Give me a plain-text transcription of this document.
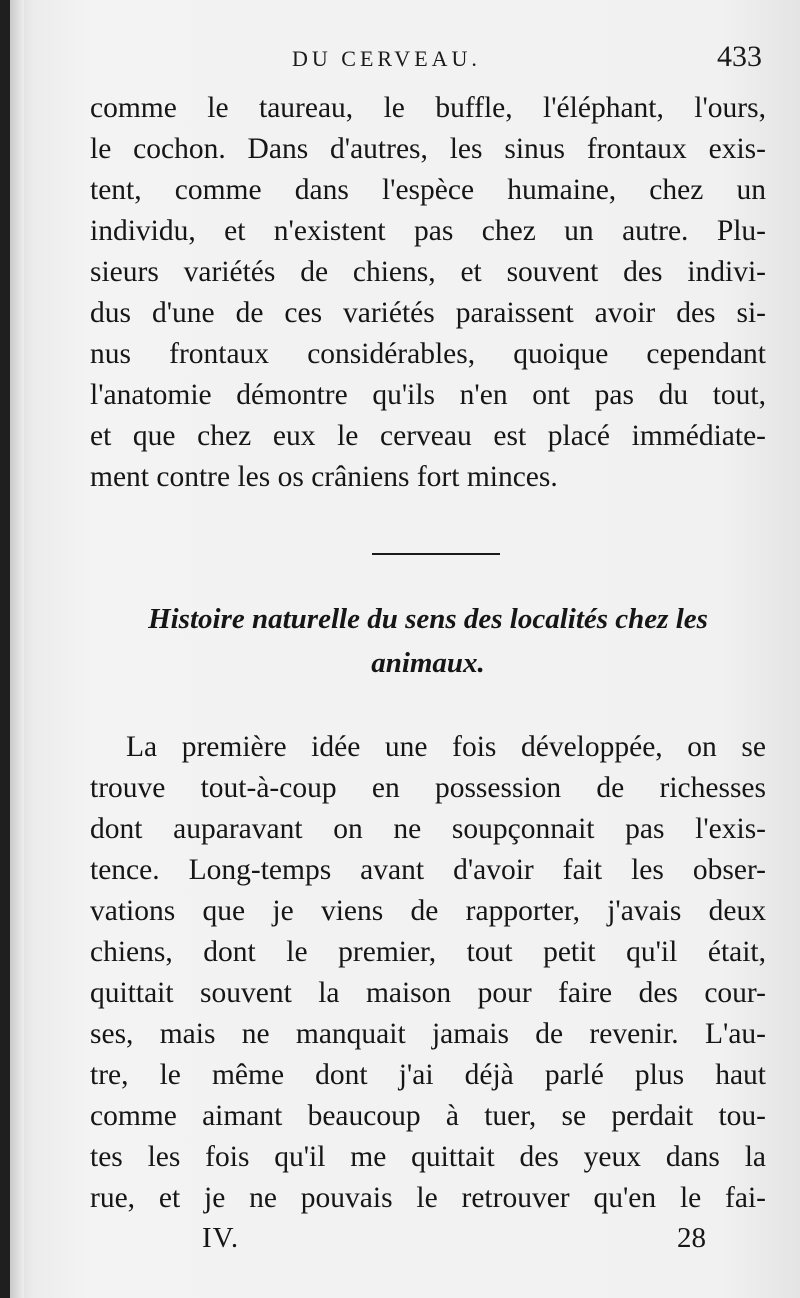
DU CERVEAU.	433

comme le taureau, le buffle, l'éléphant, l'ours,
le cochon. Dans d'autres, les sinus frontaux exis-
tent, comme dans l'espèce humaine, chez un
individu, et n'existent pas chez un autre. Plu-
sieurs variétés de chiens, et souvent des indivi-
dus d'une de ces variétés paraissent avoir des si-
nus frontaux considérables, quoique cependant
l'anatomie démontre qu'ils n'en ont pas du tout,
et que chez eux le cerveau est placé immédiate-
ment contre les os crâniens fort minces.

Histoire naturelle du sens des localités chez les
animaux.

La première idée une fois développée, on se
trouve tout-à-coup en possession de richesses
dont auparavant on ne soupçonnait pas l'exis-
tence. Long-temps avant d'avoir fait les obser-
vations que je viens de rapporter, j'avais deux
chiens, dont le premier, tout petit qu'il était,
quittait souvent la maison pour faire des cour-
ses, mais ne manquait jamais de revenir. L'au-
tre, le même dont j'ai déjà parlé plus haut
comme aimant beaucoup à tuer, se perdait tou-
tes les fois qu'il me quittait des yeux dans la
rue, et je ne pouvais le retrouver qu'en le fai-

IV.	28
